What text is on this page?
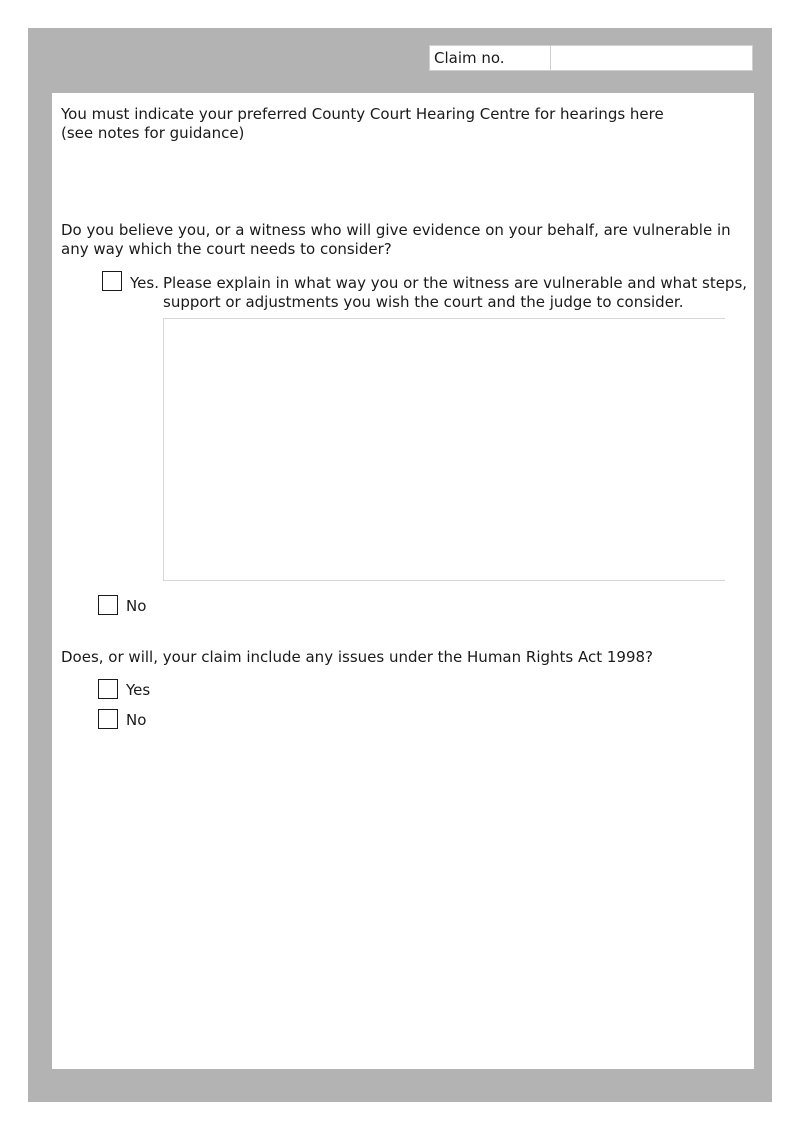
Claim no.

You must indicate your preferred County Court Hearing Centre for hearings here

(see notes for guidance)

Do you believe you, or a witness who will give evidence on your behalf, are vulnerable in

any way which the court needs to consider?

Yes. Please explain in what way you or the witness are vulnerable and what steps,

support or adjustments you wish the court and the judge to consider.

No

Does, or will, your claim include any issues under the Human Rights Act 1998?

Yes
No
